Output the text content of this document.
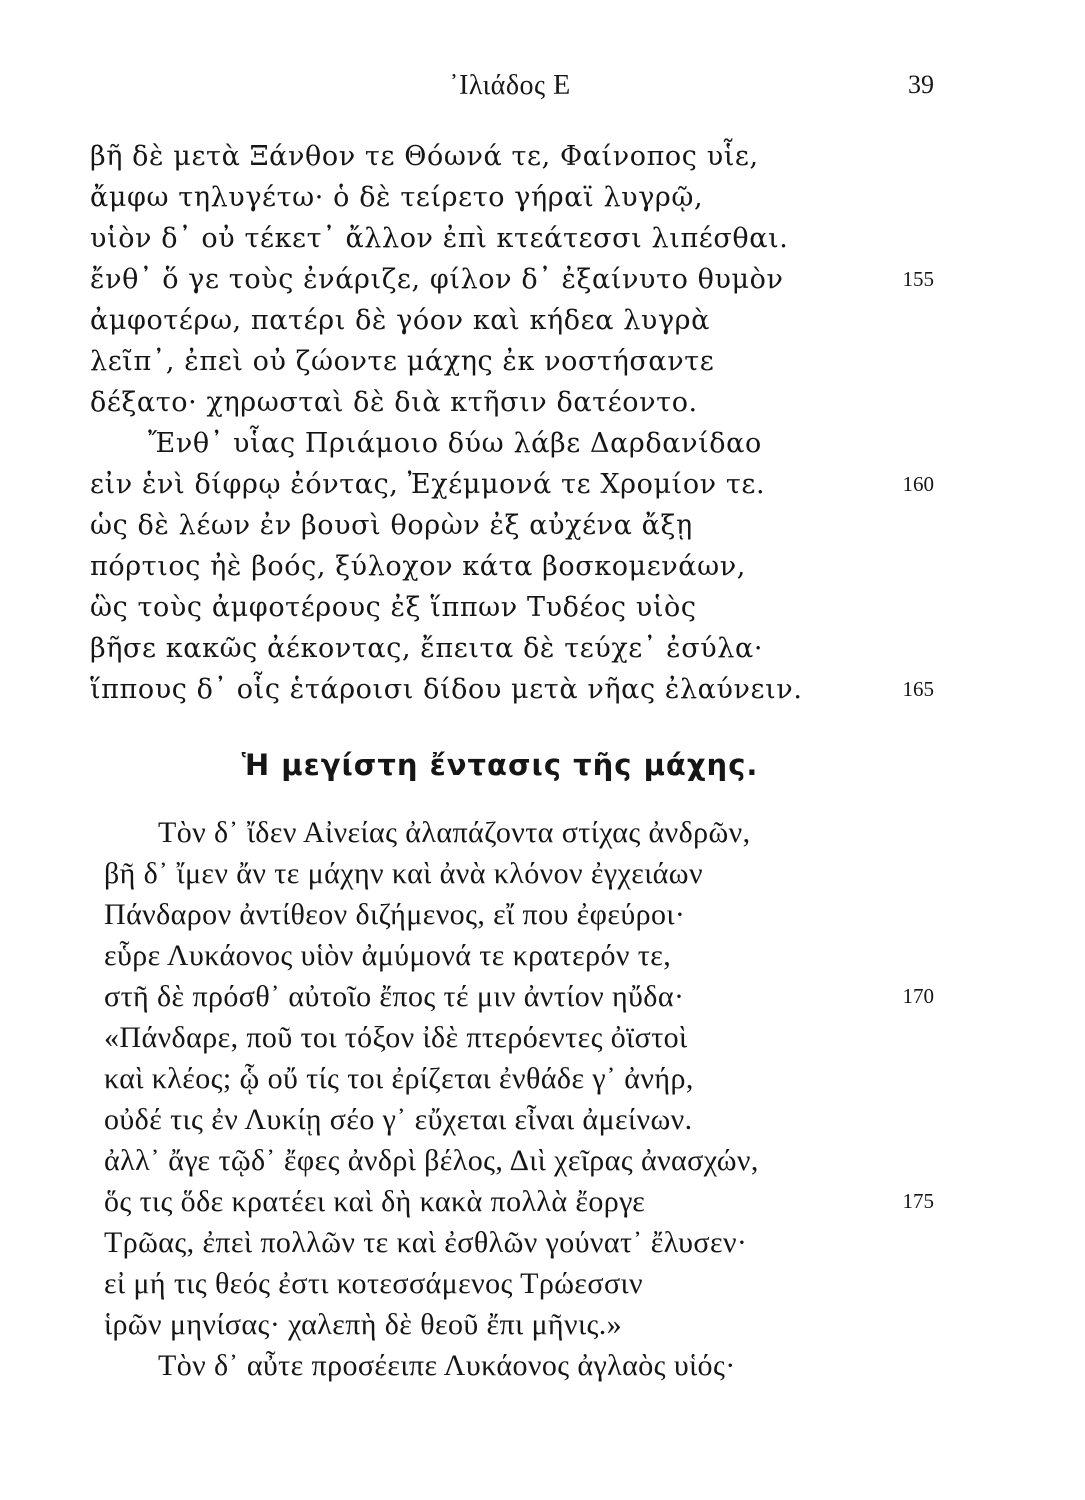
᾿Ιλιάδος Ε	39
βῆ δὲ μετὰ Ξάνθον τε Θόωνά τε, Φαίνοπος υἷε,
ἄμφω τηλυγέτω· ὁ δὲ τείρετο γήραϊ λυγρῷ,
υἱὸν δ᾽ οὐ τέκετ᾽ ἄλλον ἐπὶ κτεάτεσσι λιπέσθαι.
ἔνθ᾽ ὅ γε τοὺς ἐνάριζε, φίλον δ᾽ ἐξαίνυτο θυμὸν	155
ἀμφοτέρω, πατέρι δὲ γόον καὶ κήδεα λυγρὰ
λεῖπ᾽, ἐπεὶ οὐ ζώοντε μάχης ἐκ νοστήσαντε
δέξατο· χηρωσταὶ δὲ διὰ κτῆσιν δατέοντο.
Ἔνθ᾽ υἷας Πριάμοιο δύω λάβε Δαρδανίδαο
εἰν ἑνὶ δίφρῳ ἐόντας, Ἐχέμμονά τε Χρομίον τε.	160
ὡς δὲ λέων ἐν βουσὶ θορὼν ἐξ αὐχένα ἄξῃ
πόρτιος ἠὲ βοός, ξύλοχον κάτα βοσκομενάων,
ὣς τοὺς ἀμφοτέρους ἐξ ἵππων Τυδέος υἱὸς
βῆσε κακῶς ἀέκοντας, ἔπειτα δὲ τεύχε᾽ ἐσύλα·
ἵππους δ᾽ οἷς ἑτάροισι δίδου μετὰ νῆας ἐλαύνειν.	165
Ἡ μεγίστη ἔντασις τῆς μάχης.
Τὸν δ᾽ ἴδεν Αἰνείας ἀλαπάζοντα στίχας ἀνδρῶν,
βῆ δ᾽ ἴμεν ἄν τε μάχην καὶ ἀνὰ κλόνον ἐγχειάων
Πάνδαρον ἀντίθεον διζήμενος, εἴ που ἐφεύροι·
εὗρε Λυκάονος υἱὸν ἀμύμονά τε κρατερόν τε,
στῆ δὲ πρόσθ᾽ αὐτοῖο ἔπος τέ μιν ἀντίον ηὔδα·	170
«Πάνδαρε, ποῦ τοι τόξον ἰδὲ πτερόεντες ὀϊστοὶ
καὶ κλέος; ᾧ οὔ τίς τοι ἐρίζεται ἐνθάδε γ᾽ ἀνήρ,
οὐδέ τις ἐν Λυκίῃ σέο γ᾽ εὔχεται εἶναι ἀμείνων.
ἀλλ᾽ ἄγε τῷδ᾽ ἔφες ἀνδρὶ βέλος, Διὶ χεῖρας ἀνασχών,
ὅς τις ὅδε κρατέει καὶ δὴ κακὰ πολλὰ ἔοργε	175
Τρῶας, ἐπεὶ πολλῶν τε καὶ ἐσθλῶν γούνατ᾽ ἔλυσεν·
εἰ μή τις θεός ἐστι κοτεσσάμενος Τρώεσσιν
ἱρῶν μηνίσας· χαλεπὴ δὲ θεοῦ ἔπι μῆνις.»
Τὸν δ᾽ αὖτε προσέειπε Λυκάονος ἀγλαὸς υἱός·
